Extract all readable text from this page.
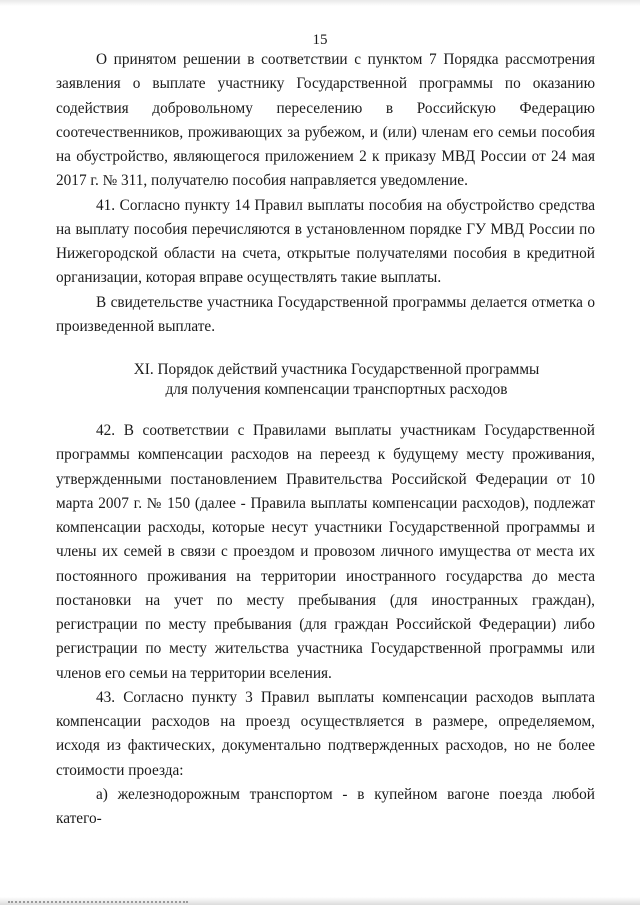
15

О принятом решении в соответствии с пунктом 7 Порядка рассмотрения заявления о выплате участнику Государственной программы по оказанию содействия добровольному переселению в Российскую Федерацию соотечественников, проживающих за рубежом, и (или) членам его семьи пособия на обустройство, являющегося приложением 2 к приказу МВД России от 24 мая 2017 г. № 311, получателю пособия направляется уведомление.

41. Согласно пункту 14 Правил выплаты пособия на обустройство средства на выплату пособия перечисляются в установленном порядке ГУ МВД России по Нижегородской области на счета, открытые получателями пособия в кредитной организации, которая вправе осуществлять такие выплаты.

В свидетельстве участника Государственной программы делается отметка о произведенной выплате.

XI. Порядок действий участника Государственной программы
для получения компенсации транспортных расходов

42. В соответствии с Правилами выплаты участникам Государственной программы компенсации расходов на переезд к будущему месту проживания, утвержденными постановлением Правительства Российской Федерации от 10 марта 2007 г. № 150 (далее - Правила выплаты компенсации расходов), подлежат компенсации расходы, которые несут участники Государственной программы и члены их семей в связи с проездом и провозом личного имущества от места их постоянного проживания на территории иностранного государства до места постановки на учет по месту пребывания (для иностранных граждан), регистрации по месту пребывания (для граждан Российской Федерации) либо регистрации по месту жительства участника Государственной программы или членов его семьи на территории вселения.

43. Согласно пункту 3 Правил выплаты компенсации расходов выплата компенсации расходов на проезд осуществляется в размере, определяемом, исходя из фактических, документально подтвержденных расходов, но не более стоимости проезда:

а) железнодорожным транспортом - в купейном вагоне поезда любой катего-
